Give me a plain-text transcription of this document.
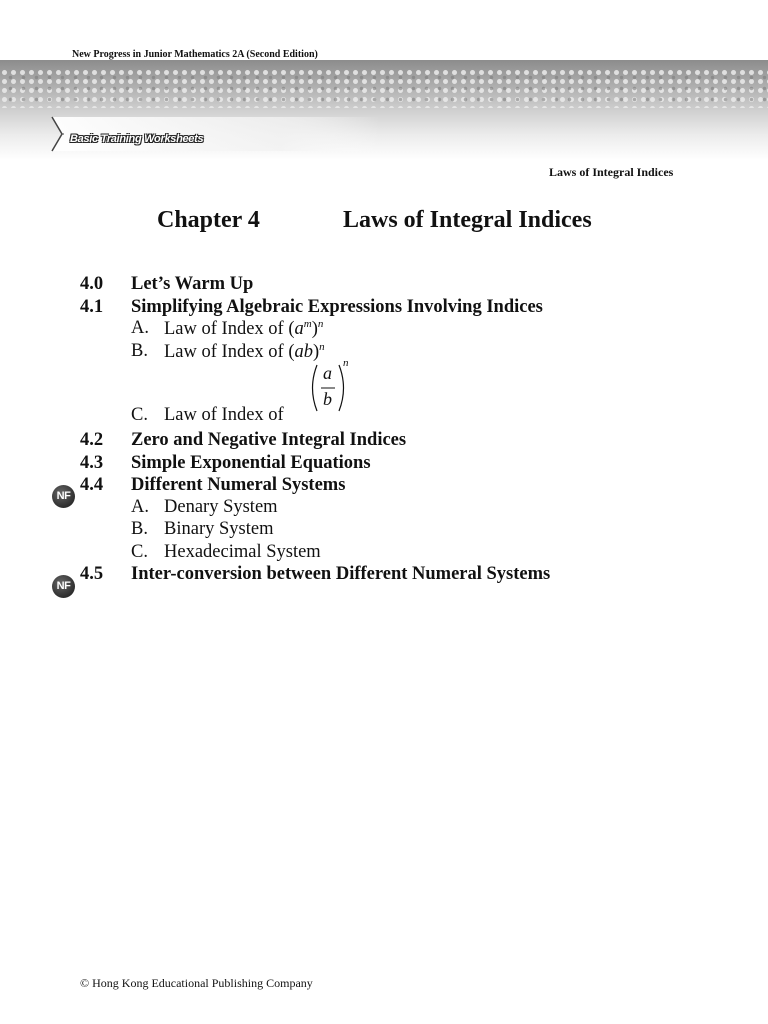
New Progress in Junior Mathematics 2A (Second Edition)
Basic Training Worksheets
Laws of Integral Indices
Chapter 4	Laws of Integral Indices
4.0 Let’s Warm Up
4.1 Simplifying Algebraic Expressions Involving Indices
A. Law of Index of $(a^m)^n$
B. Law of Index of (ab)$^n$
C. Law of Index of
a
b
n
4.2 Zero and Negative Integral Indices
4.3 Simple Exponential Equations
4.4 Different Numeral Systems
A. Denary System
B. Binary System
C. Hexadecimal System
4.5 Inter-conversion between Different Numeral Systems
NF
NF
© Hong Kong Educational Publishing Company
